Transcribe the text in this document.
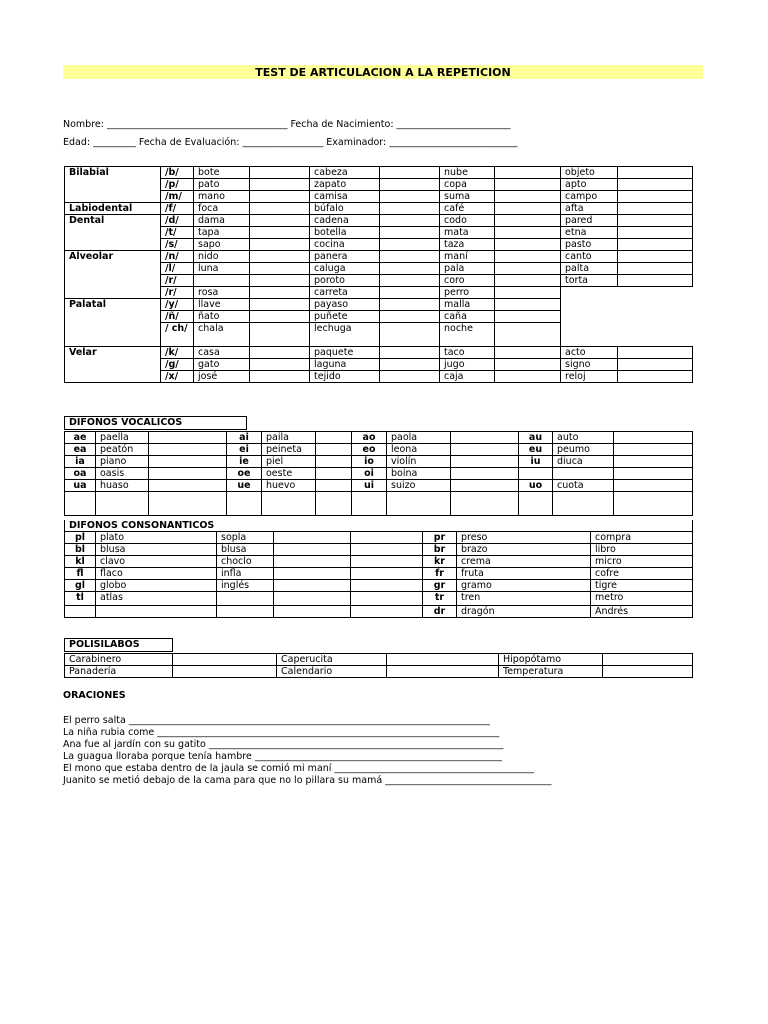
TEST DE ARTICULACION A LA REPETICION
Nombre: ______________________________________ Fecha de Nacimiento: ________________________
Edad: _________ Fecha de Evaluación: _________________ Examinador: ___________________________
Bilabial	/b/	bote		cabeza		nube		objeto	
	/p/	pato		zapato		copa		apto	
	/m/	mano		camisa		suma		campo	
Labiodental	/f/	foca		búfalo		café		afta	
Dental	/d/	dama		cadena		codo		pared	
	/t/	tapa		botella		mata		etna	
	/s/	sapo		cocina		taza		pasto	
Alveolar	/n/	nido		panera		maní		canto	
	/l/	luna		caluga		pala		palta	
	/r/			poroto		coro		torta	
	/r/	rosa		carreta		perro			
Palatal	/y/	llave		payaso		malla			
	/ñ/	ñato		puñete		caña			
	/ ch/	chala		lechuga		noche			
Velar	/k/	casa		paquete		taco		acto	
	/g/	gato		laguna		jugo		signo	
	/x/	josé		tejido		caja		reloj	
DIFONOS VOCALICOS
ae	paella		ai	paila		ao	paola		au	auto	
ea	peatón		ei	peineta		eo	leona		eu	peumo	
ia	piano		ie	piel		io	violín		iu	diuca	
oa	oasis		oe	oeste		oi	boina				
ua	huaso		ue	huevo		ui	suizo		uo	cuota	

DIFONOS CONSONANTICOS							
pl	plato	sopla			pr	preso	compra
bl	blusa	blusa			br	brazo	libro
kl	clavo	choclo			kr	crema	micro
fl	flaco	infla			fr	fruta	cofre
gl	globo	inglés			gr	gramo	tigre
tl	atlas				tr	tren	metro
					dr	dragón	Andrés
POLISILABOS
Carabinero		Caperucita		Hipopótamo	
Panadería		Calendario		Temperatura	
ORACIONES
El perro salta ____________________________________________________________________________
La niña rubia come ________________________________________________________________________
Ana fue al jardín con su gatito ______________________________________________________________
La guagua lloraba porque tenía hambre ____________________________________________________
El mono que estaba dentro de la jaula se comió mi maní __________________________________________
Juanito se metió debajo de la cama para que no lo pillara su mamá ___________________________________
